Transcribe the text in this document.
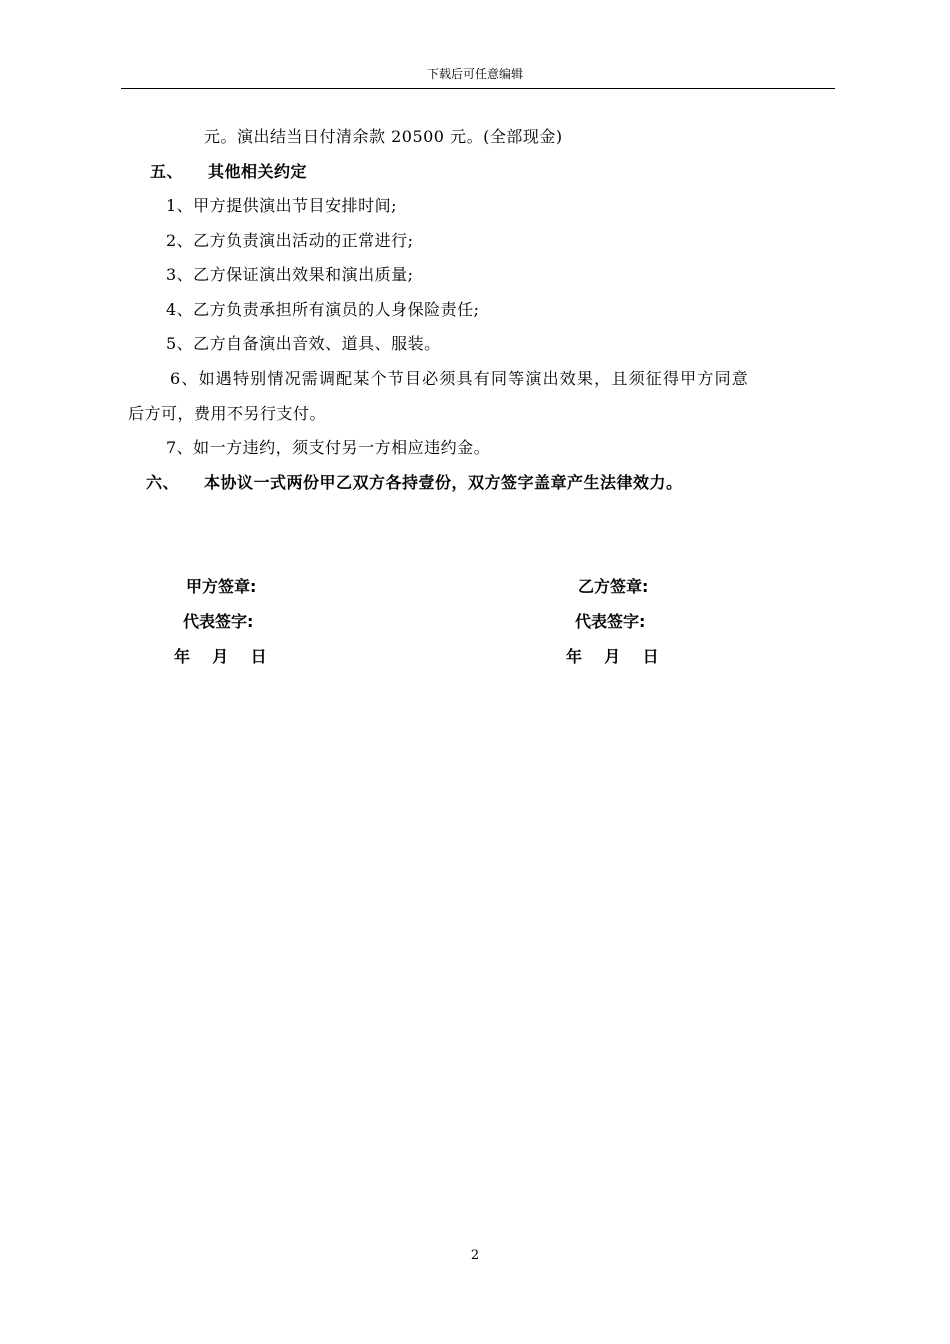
下载后可任意编辑
元。演出结当日付清余款 20500 元。(全部现金)
五、 其他相关约定
1、甲方提供演出节目安排时间;
2、乙方负责演出活动的正常进行;
3、乙方保证演出效果和演出质量;
4、乙方负责承担所有演员的人身保险责任;
5、乙方自备演出音效、道具、服装。
6、如遇特别情况需调配某个节目必须具有同等演出效果，且须征得甲方同意
后方可，费用不另行支付。
7、如一方违约，须支付另一方相应违约金。
六、 本协议一式两份甲乙双方各持壹份，双方签字盖章产生法律效力。
甲方签章:
代表签字:
年    月    日
乙方签章:
代表签字:
年    月    日
2
